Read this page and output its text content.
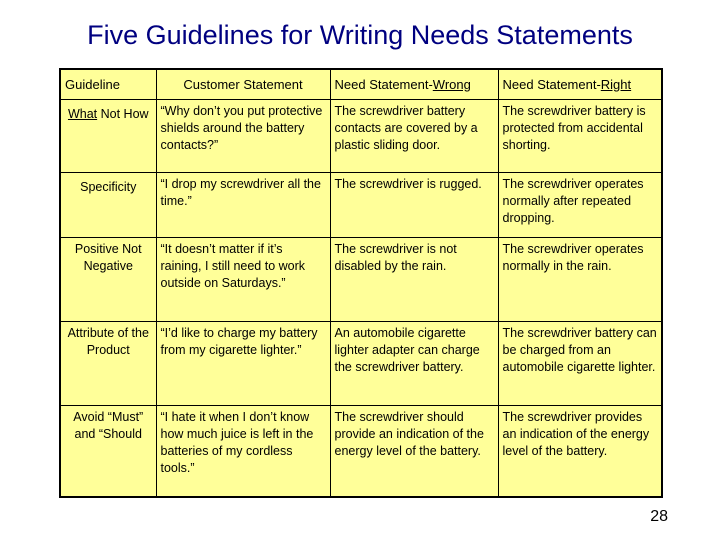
Five Guidelines for Writing Needs Statements
Guideline	Customer Statement	Need Statement-Wrong	Need Statement-Right
What Not How	“Why don’t you put protective shields around the battery contacts?”	The screwdriver battery contacts are covered by a plastic sliding door.	The screwdriver battery is protected from accidental shorting.
Specificity	“I drop my screwdriver all the time.”	The screwdriver is rugged.	The screwdriver operates normally after repeated dropping.
Positive Not Negative	“It doesn’t matter if it’s raining, I still need to work outside on Saturdays.”	The screwdriver is not disabled by the rain.	The screwdriver operates normally in the rain.
Attribute of the Product	“I’d like to charge my battery from my cigarette lighter.”	An automobile cigarette lighter adapter can charge the screwdriver battery.	The screwdriver battery can be charged from an automobile cigarette lighter.
Avoid “Must” and “Should	“I hate it when I don’t know how much juice is left in the batteries of my cordless tools.”	The screwdriver should provide an indication of the energy level of the battery.	The screwdriver provides an indication of the energy level of the battery.
28
